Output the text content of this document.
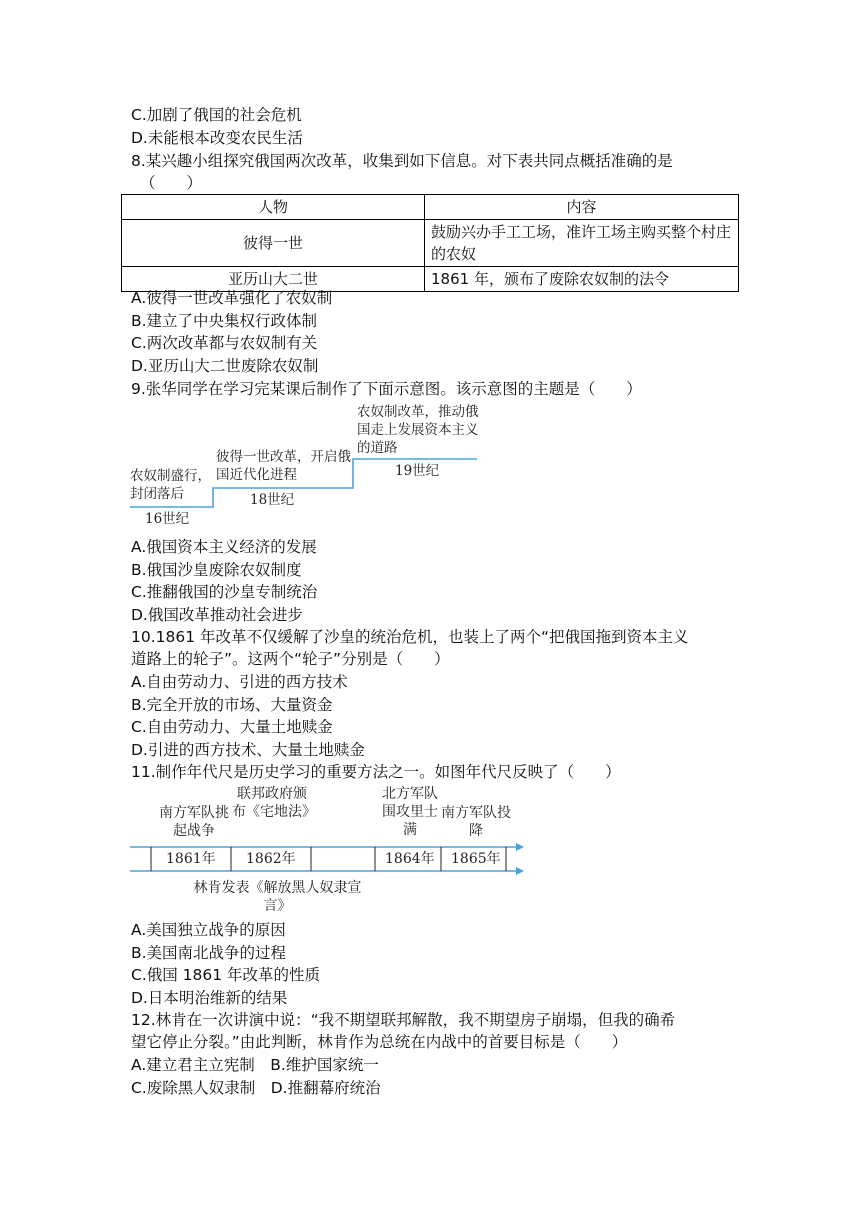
C.加剧了俄国的社会危机
D.未能根本改变农民生活
8.某兴趣小组探究俄国两次改革，收集到如下信息。对下表共同点概括准确的是
（　　）
人物	内容
彼得一世	鼓励兴办手工工场，准许工场主购买整个村庄的农奴
亚历山大二世	1861 年，颁布了废除农奴制的法令
A.彼得一世改革强化了农奴制
B.建立了中央集权行政体制
C.两次改革都与农奴制有关
D.亚历山大二世废除农奴制
9.张华同学在学习完某课后制作了下面示意图。该示意图的主题是（　　）
农奴制盛行，封闭落后
16世纪
彼得一世改革，开启俄国近代化进程
18世纪
农奴制改革，推动俄国走上发展资本主义的道路
19世纪
A.俄国资本主义经济的发展
B.俄国沙皇废除农奴制度
C.推翻俄国的沙皇专制统治
D.俄国改革推动社会进步
10.1861 年改革不仅缓解了沙皇的统治危机，也装上了两个“把俄国拖到资本主义
道路上的轮子”。这两个“轮子”分别是（　　）
A.自由劳动力、引进的西方技术
B.完全开放的市场、大量资金
C.自由劳动力、大量土地赎金
D.引进的西方技术、大量土地赎金
11.制作年代尺是历史学习的重要方法之一。如图年代尺反映了（　　）
南方军队挑起战争
联邦政府颁布《宅地法》
北方军队围攻里士满
南方军队投降
1861年 1862年	1864年 1865年
林肯发表《解放黑人奴隶宣言》
A.美国独立战争的原因
B.美国南北战争的过程
C.俄国 1861 年改革的性质
D.日本明治维新的结果
12.林肯在一次讲演中说：“我不期望联邦解散，我不期望房子崩塌，但我的确希
望它停止分裂。”由此判断，林肯作为总统在内战中的首要目标是（　　）
A.建立君主立宪制　B.维护国家统一
C.废除黑人奴隶制　D.推翻幕府统治
